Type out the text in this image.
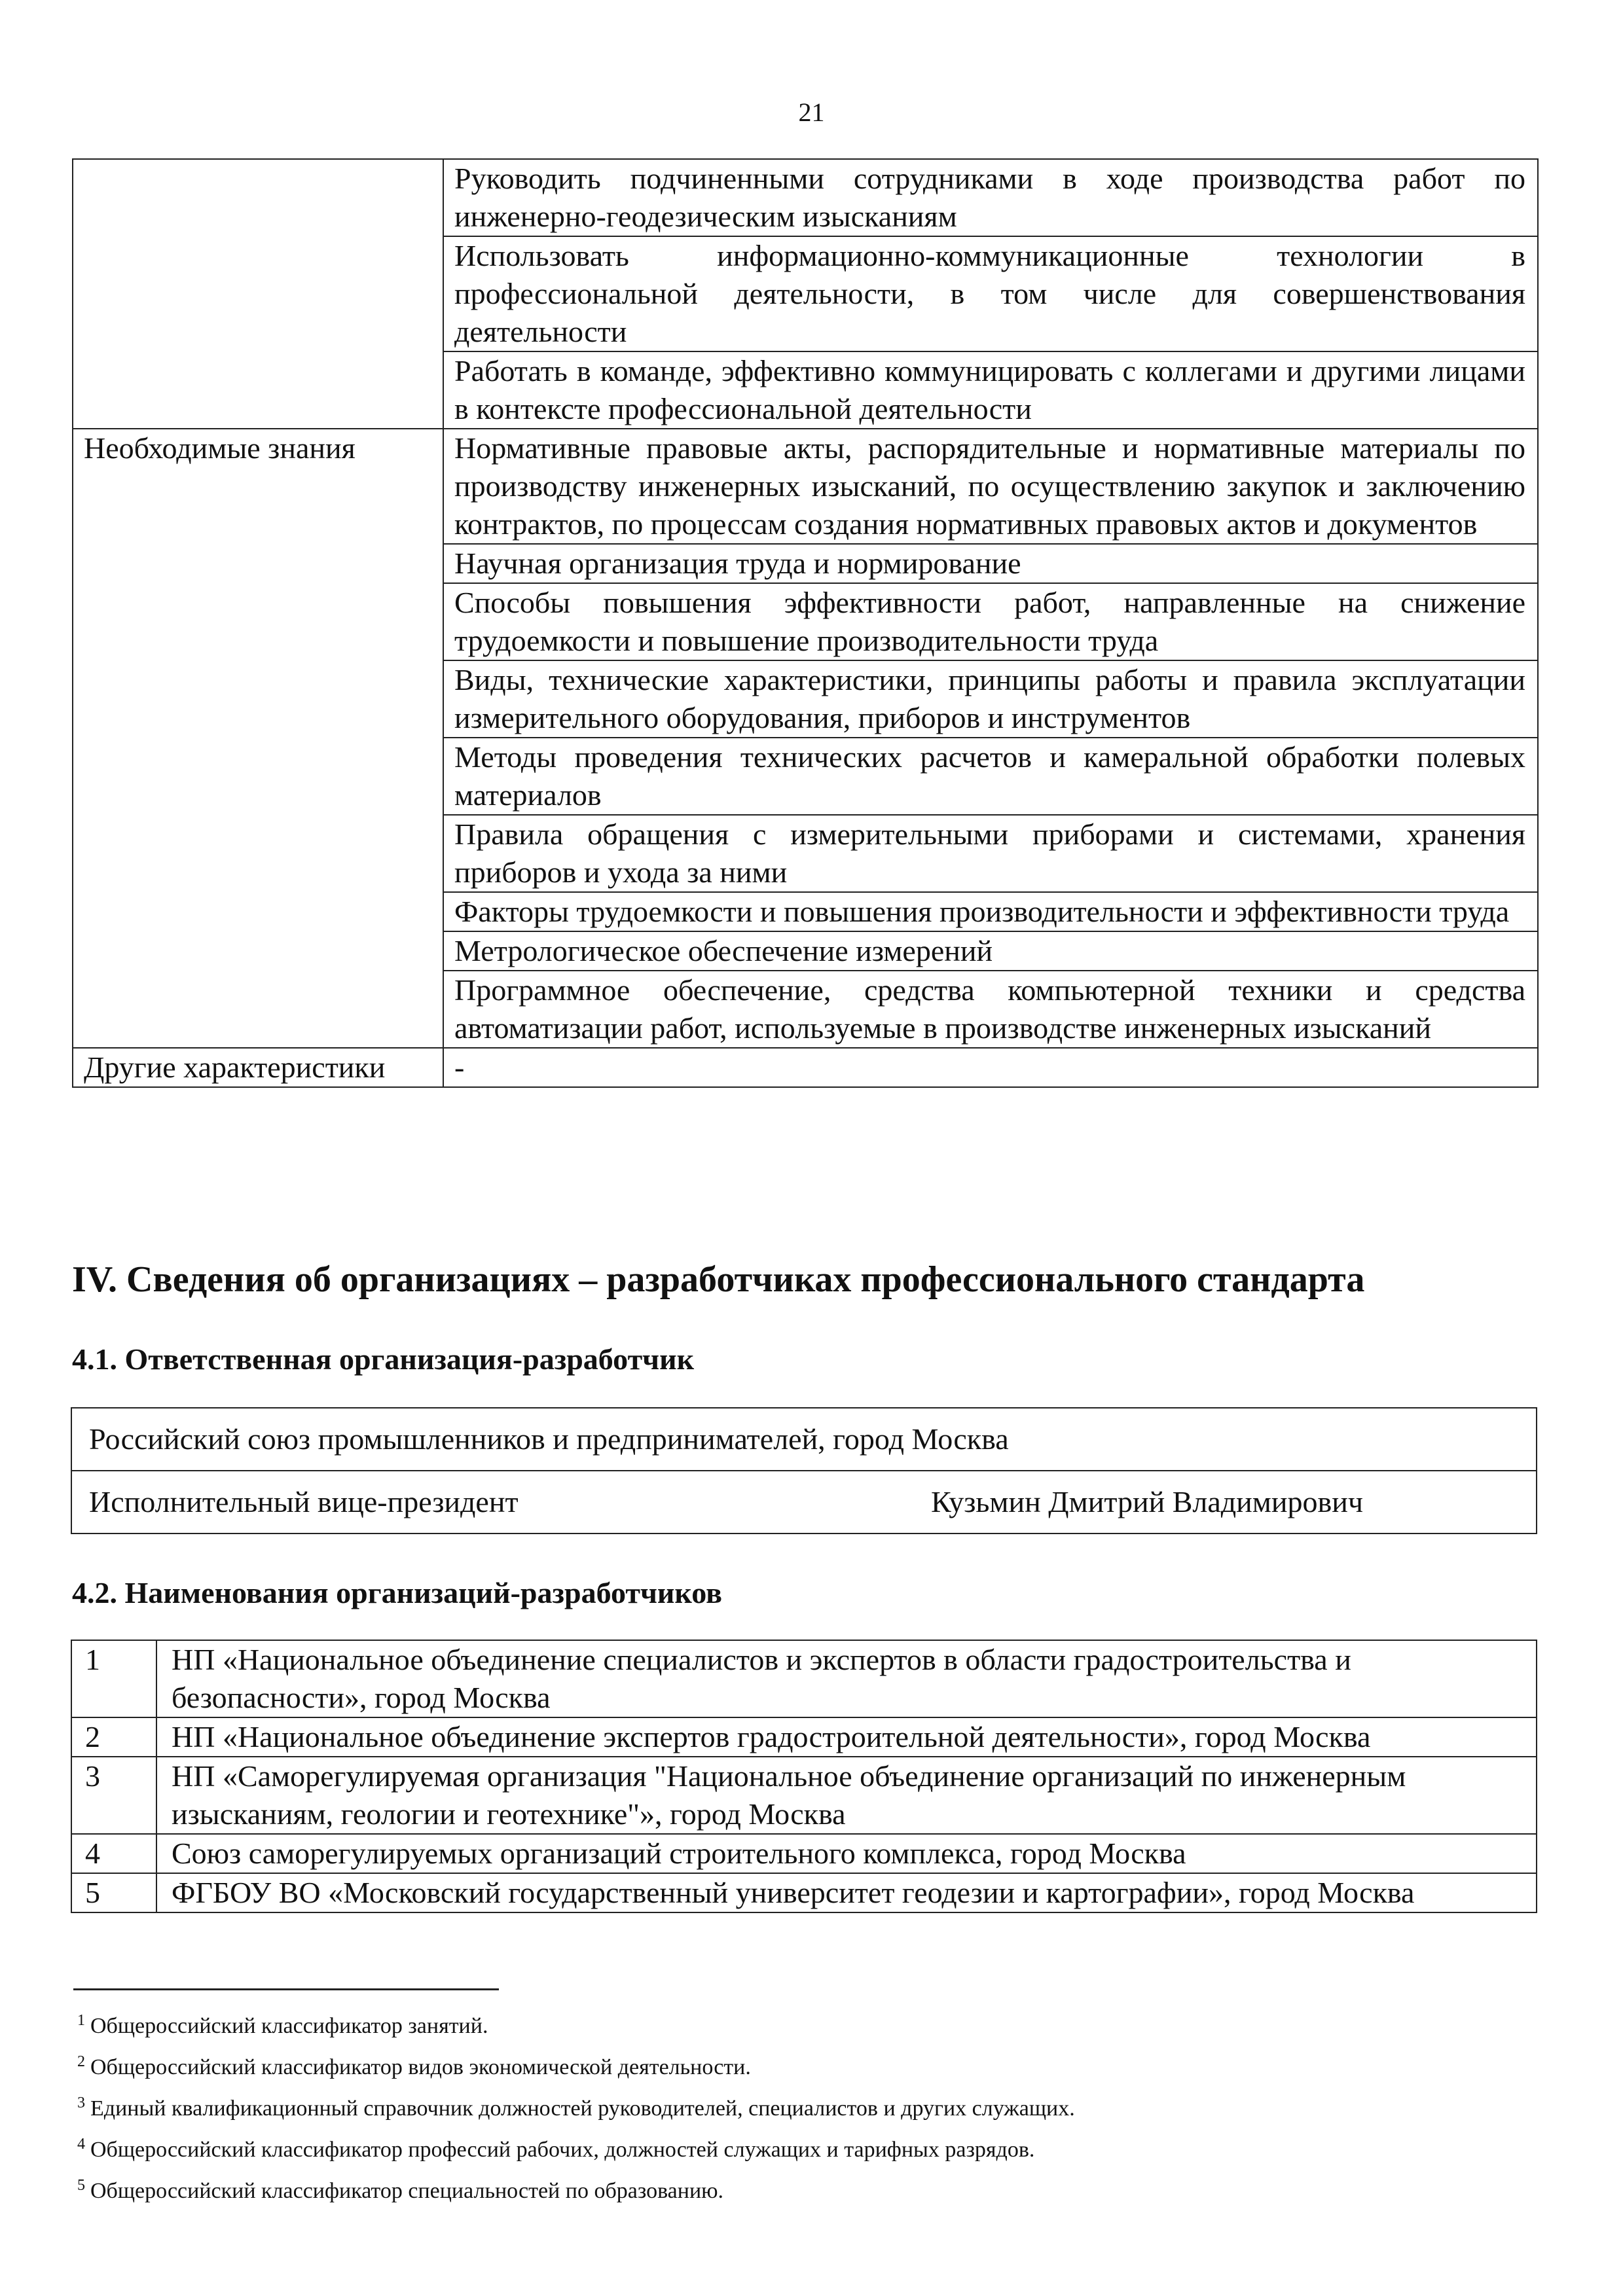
21
	Руководить подчиненными сотрудниками в ходе производства работ по инженерно-геодезическим изысканиям
	Использовать информационно-коммуникационные технологии в профессиональной деятельности, в том числе для совершенствования деятельности
	Работать в команде, эффективно коммуницировать с коллегами и другими лицами в контексте профессиональной деятельности
Необходимые знания	Нормативные правовые акты, распорядительные и нормативные материалы по производству инженерных изысканий, по осуществлению закупок и заключению контрактов, по процессам создания нормативных правовых актов и документов
	Научная организация труда и нормирование
	Способы повышения эффективности работ, направленные на снижение трудоемкости и повышение производительности труда
	Виды, технические характеристики, принципы работы и правила эксплуатации измерительного оборудования, приборов и инструментов
	Методы проведения технических расчетов и камеральной обработки полевых материалов
	Правила обращения с измерительными приборами и системами, хранения приборов и ухода за ними
	Факторы трудоемкости и повышения производительности и эффективности труда
	Метрологическое обеспечение измерений
	Программное обеспечение, средства компьютерной техники и средства автоматизации работ, используемые в производстве инженерных изысканий
Другие характеристики	-
IV. Сведения об организациях – разработчиках профессионального стандарта
4.1. Ответственная организация-разработчик
Российский союз промышленников и предпринимателей, город Москва

Исполнительный вице-президент	Кузьмин Дмитрий Владимирович
4.2. Наименования организаций-разработчиков
1	НП «Национальное объединение специалистов и экспертов в области градостроительства и безопасности», город Москва
2	НП «Национальное объединение экспертов градостроительной деятельности», город Москва
3	НП «Саморегулируемая организация "Национальное объединение организаций по инженерным изысканиям, геологии и геотехнике"», город Москва
4	Союз саморегулируемых организаций строительного комплекса, город Москва
5	ФГБОУ ВО «Московский государственный университет геодезии и картографии», город Москва
$^1$ Общероссийский классификатор занятий.
$^2$ Общероссийский классификатор видов экономической деятельности.
$^3$ Единый квалификационный справочник должностей руководителей, специалистов и других служащих.
$^4$ Общероссийский классификатор профессий рабочих, должностей служащих и тарифных разрядов.
$^5$ Общероссийский классификатор специальностей по образованию.
